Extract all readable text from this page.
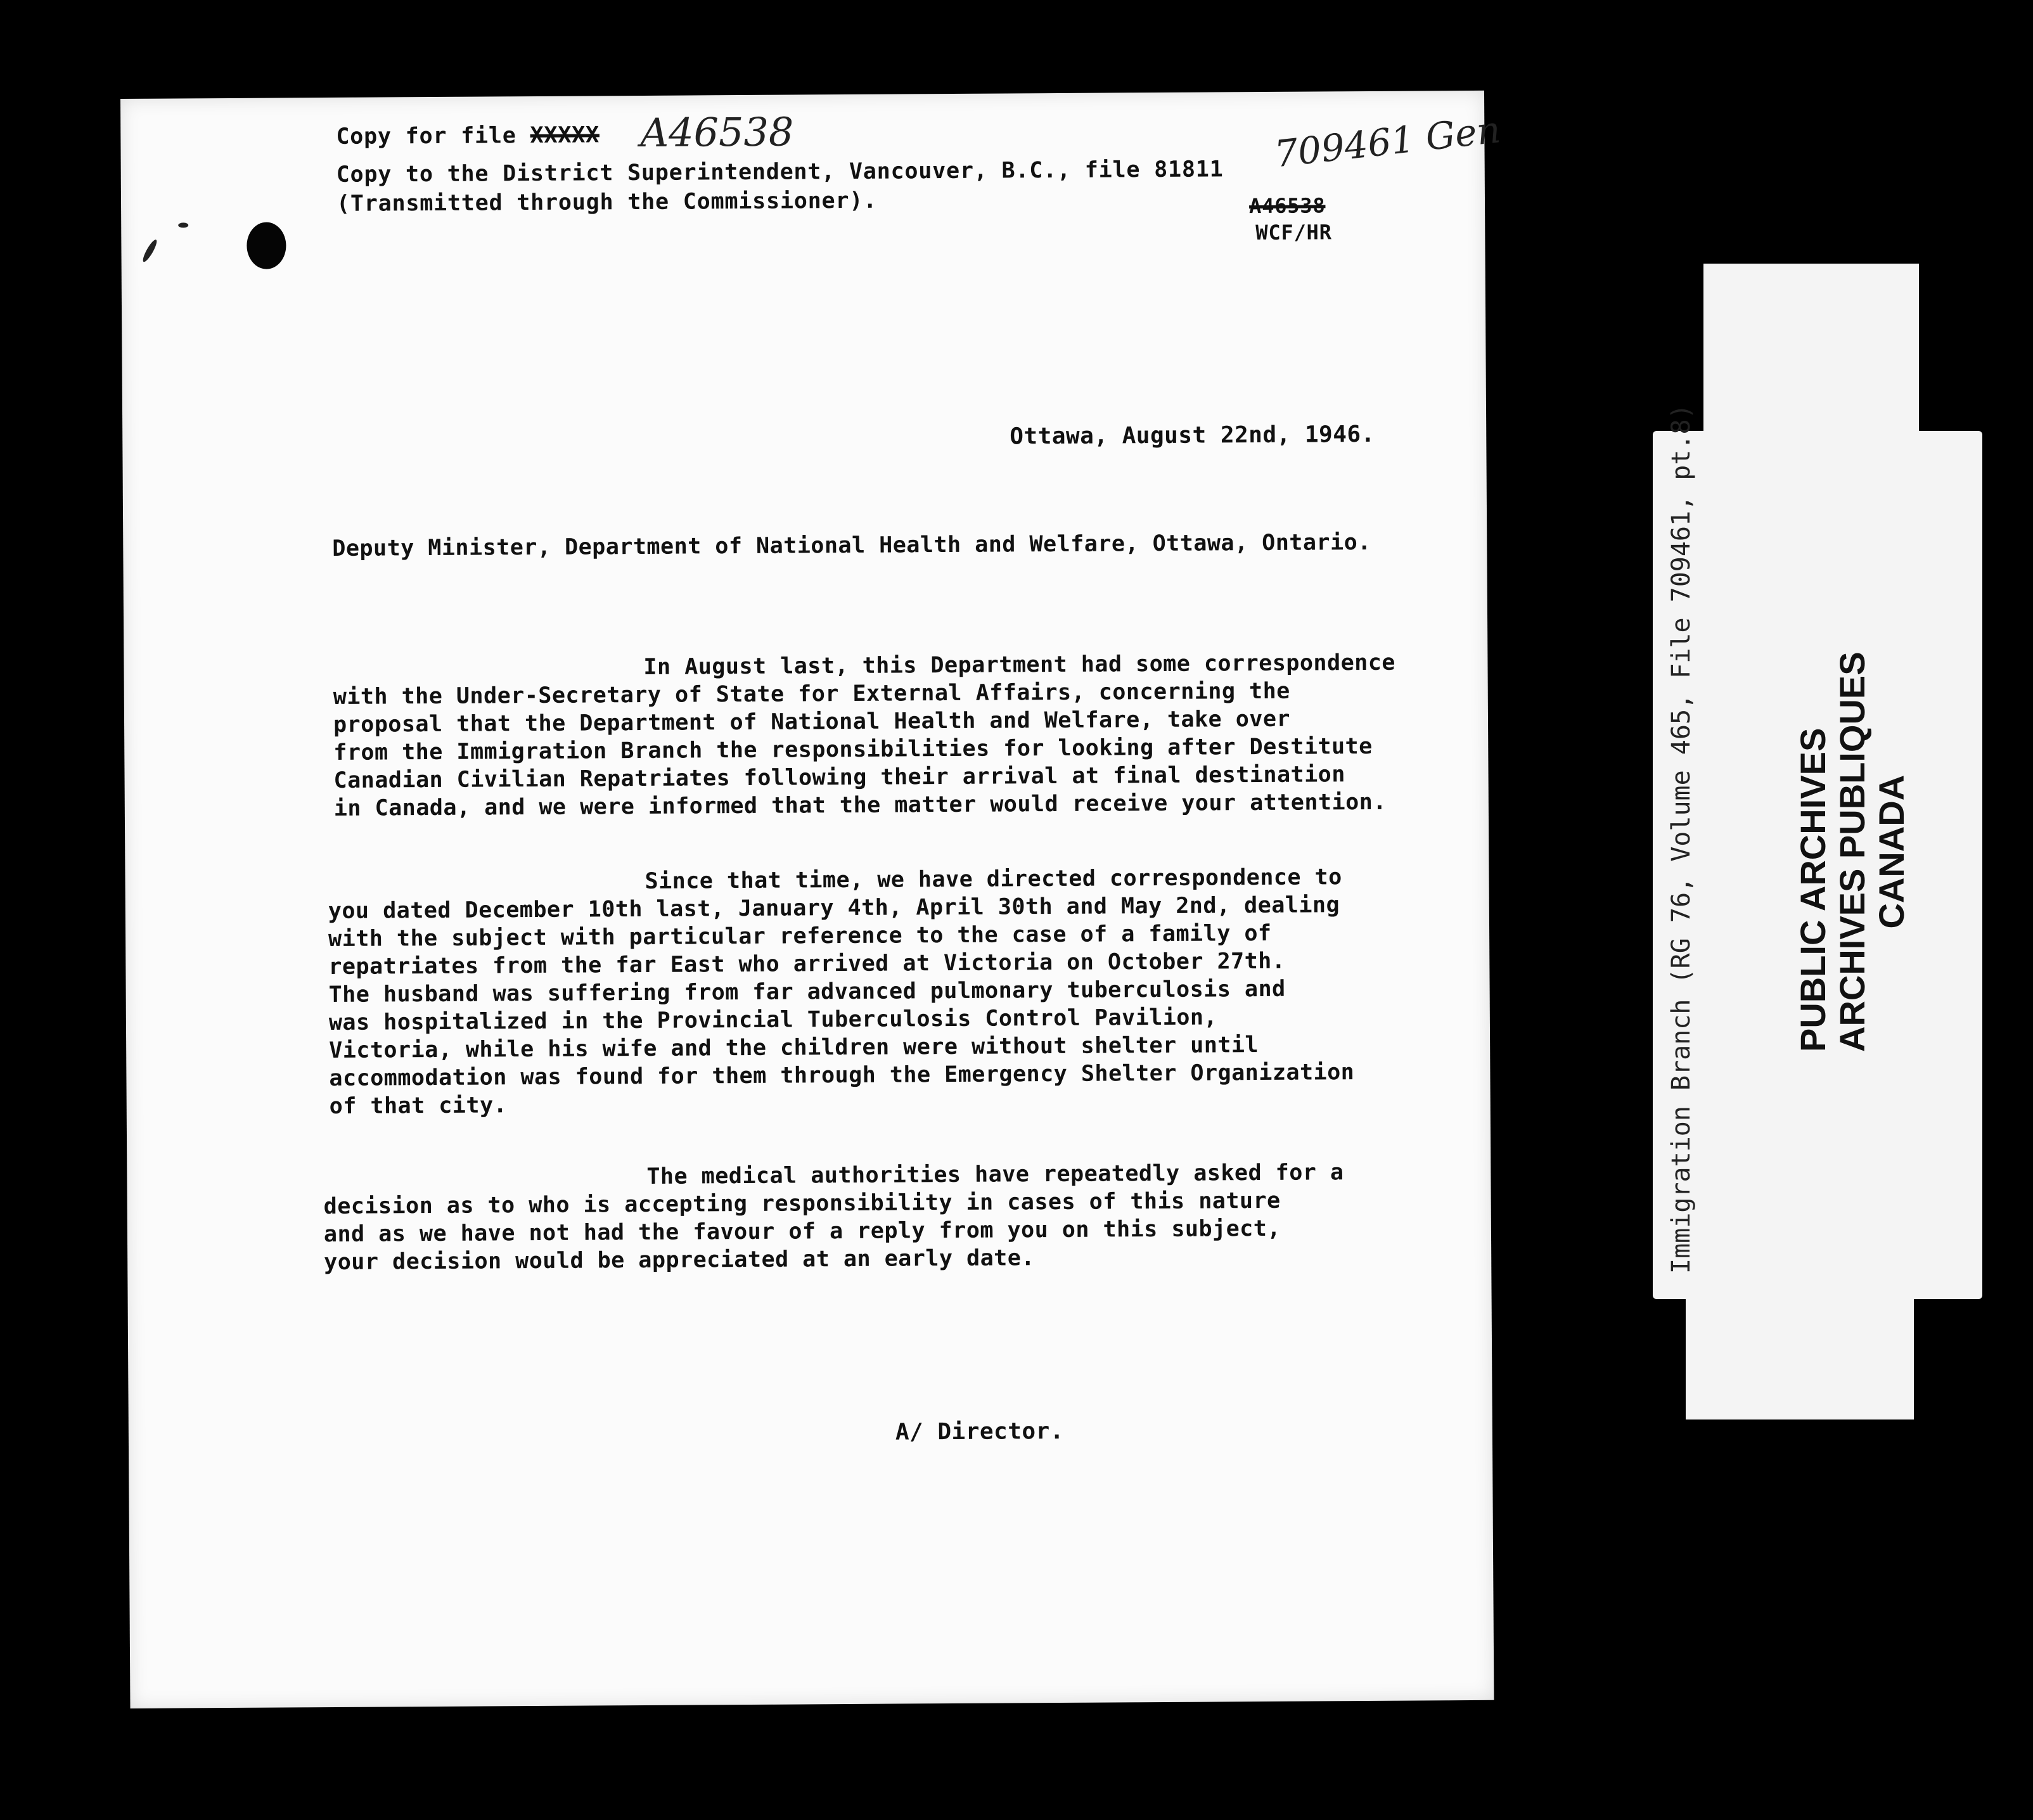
Copy for file XXXXX A46538
Copy to the District Superintendent, Vancouver, B.C., file 81811 709461 Gen
(Transmitted through the Commissioner).	A46538
WCF/HR
Ottawa, August 22nd, 1946.
Deputy Minister, Department of National Health and Welfare, Ottawa, Ontario.
In August last, this Department had some correspondence
with the Under-Secretary of State for External Affairs, concerning the
proposal that the Department of National Health and Welfare, take over
from the Immigration Branch the responsibilities for looking after Destitute
Canadian Civilian Repatriates following their arrival at final destination
in Canada, and we were informed that the matter would receive your attention.
Since that time, we have directed correspondence to
you dated December 10th last, January 4th, April 30th and May 2nd, dealing
with the subject with particular reference to the case of a family of
repatriates from the far East who arrived at Victoria on October 27th.
The husband was suffering from far advanced pulmonary tuberculosis and
was hospitalized in the Provincial Tuberculosis Control Pavilion,
Victoria, while his wife and the children were without shelter until
accommodation was found for them through the Emergency Shelter Organization
of that city.
The medical authorities have repeatedly asked for a
decision as to who is accepting responsibility in cases of this nature
and as we have not had the favour of a reply from you on this subject,
your decision would be appreciated at an early date.
A/ Director.
Immigration Branch (RG 76, Volume 465, File 709461, pt.8)	PUBLIC ARCHIVES ARCHIVES PUBLIQUES CANADA
